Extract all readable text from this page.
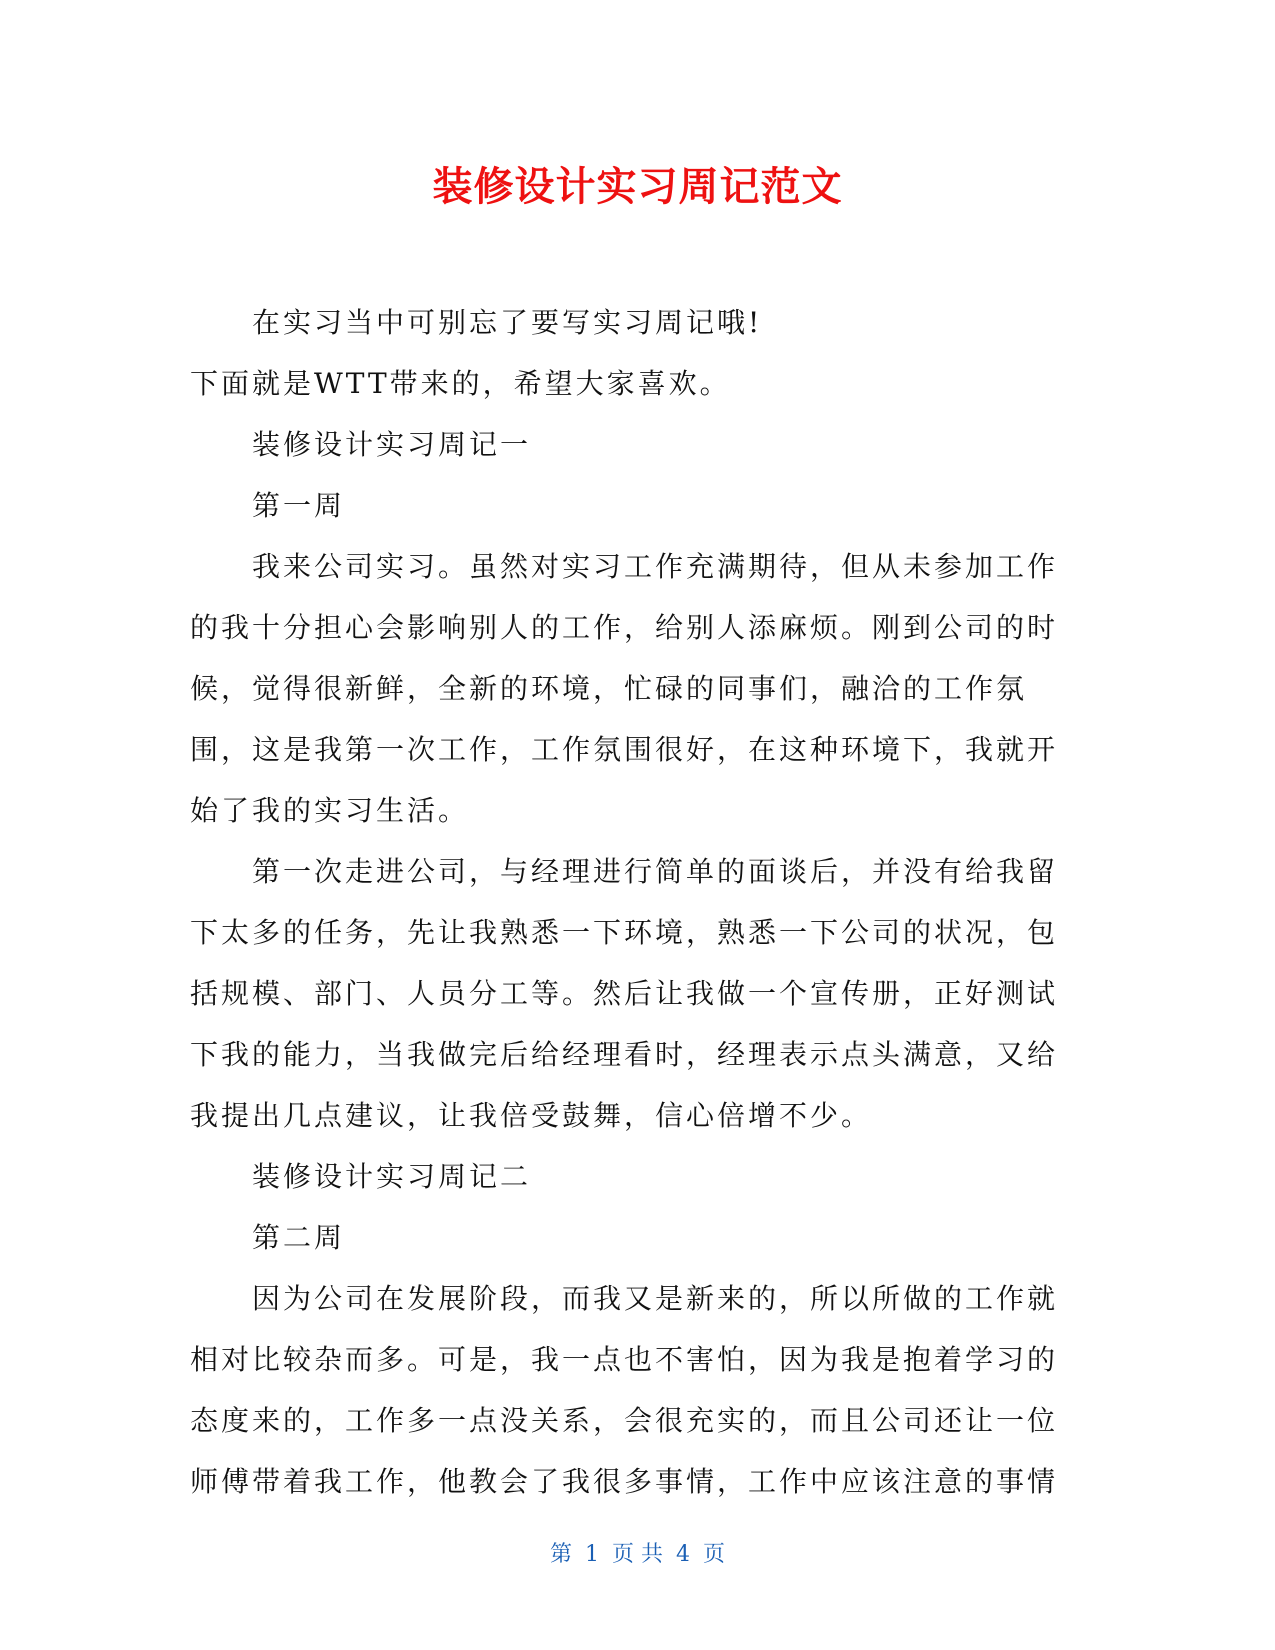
装修设计实习周记范文

在实习当中可别忘了要写实习周记哦!

下面就是WTT带来的，希望大家喜欢。

装修设计实习周记一

第一周

我来公司实习。虽然对实习工作充满期待，但从未参加工作的我十分担心会影响别人的工作，给别人添麻烦。刚到公司的时候，觉得很新鲜，全新的环境，忙碌的同事们，融洽的工作氛围，这是我第一次工作，工作氛围很好，在这种环境下，我就开始了我的实习生活。

第一次走进公司，与经理进行简单的面谈后，并没有给我留下太多的任务，先让我熟悉一下环境，熟悉一下公司的状况，包括规模、部门、人员分工等。然后让我做一个宣传册，正好测试下我的能力，当我做完后给经理看时，经理表示点头满意，又给我提出几点建议，让我倍受鼓舞，信心倍增不少。

装修设计实习周记二

第二周

因为公司在发展阶段，而我又是新来的，所以所做的工作就相对比较杂而多。可是，我一点也不害怕，因为我是抱着学习的态度来的，工作多一点没关系，会很充实的，而且公司还让一位师傅带着我工作，他教会了我很多事情，工作中应该注意的事情

第 1 页 共 4 页
